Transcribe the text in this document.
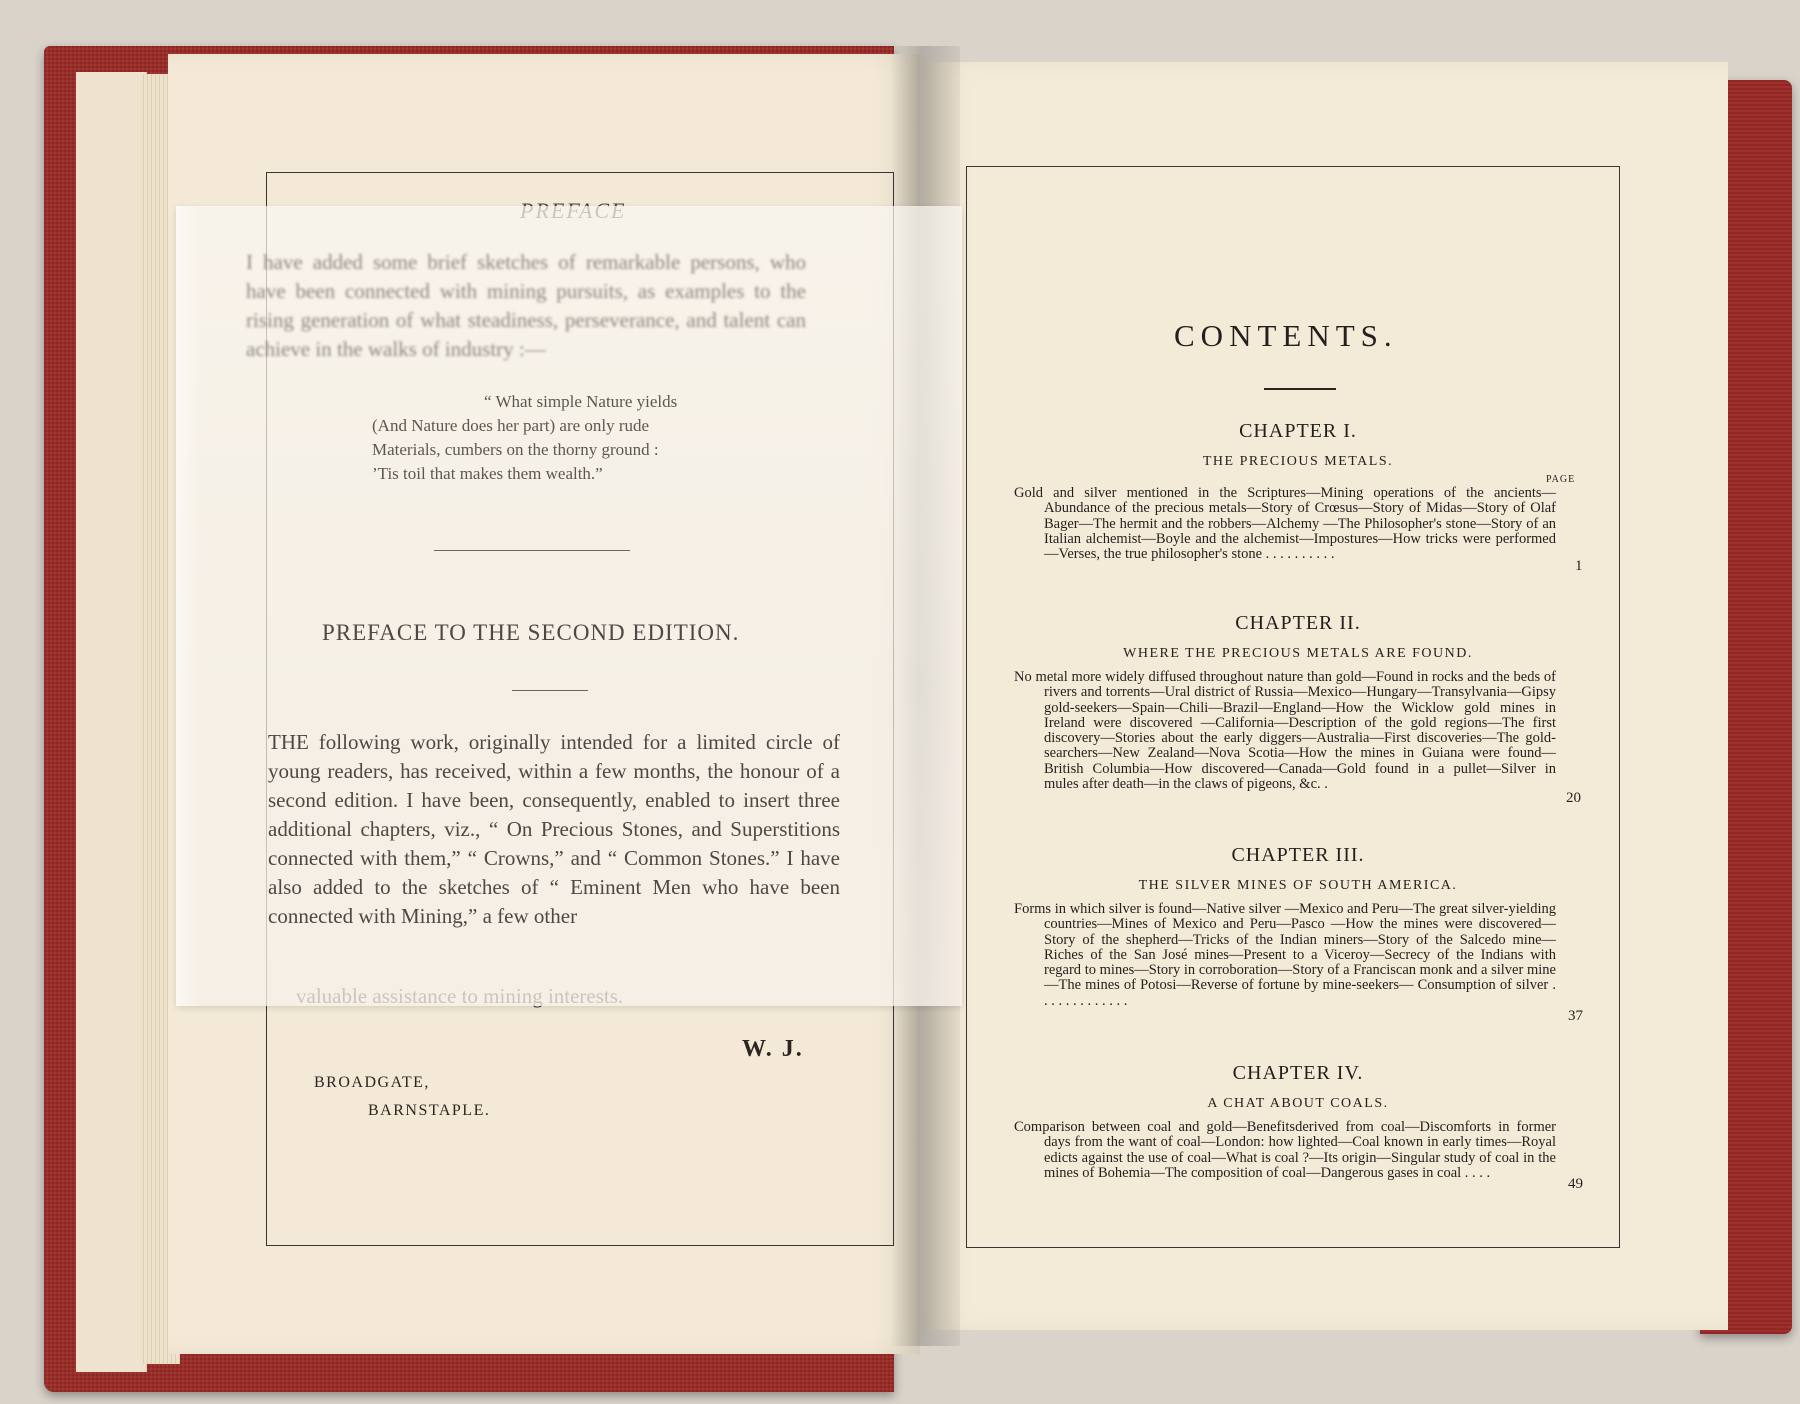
W. J.
BROADGATE,
BARNSTAPLE.
I have added some brief sketches of remarkable persons, who have been connected with mining pursuits, as examples to the rising generation of what steadiness, perseverance, and talent can achieve in the walks of industry :—
“ What simple Nature yields
(And Nature does her part) are only rude
Materials, cumbers on the thorny ground :
’Tis toil that makes them wealth.”
PREFACE TO THE SECOND EDITION.
THE following work, originally intended for a limited circle of young readers, has received, within a few months, the honour of a second edition. I have been, consequently, enabled to insert three additional chapters, viz., “ On Precious Stones, and Superstitions connected with them,” “ Crowns,” and “ Common Stones.” I have also added to the sketches of “ Eminent Men who have been connected with Mining,” a few other
CONTENTS.
PAGE
CHAPTER I.
THE PRECIOUS METALS.
Gold and silver mentioned in the Scriptures—Mining operations of the ancients—Abundance of the precious metals—Story of Crœsus—Story of Midas—Story of Olaf Bager—The hermit and the robbers—Alchemy —The Philosopher's stone—Story of an Italian alchemist—Boyle and the alchemist—Impostures—How tricks were performed—Verses, the true philosopher's stone . . . . . . . . . .
1
CHAPTER II.
WHERE THE PRECIOUS METALS ARE FOUND.
No metal more widely diffused throughout nature than gold—Found in rocks and the beds of rivers and torrents—Ural district of Russia—Mexico—Hungary—Transylvania—Gipsy gold-seekers—Spain—Chili—Brazil—England—How the Wicklow gold mines in Ireland were discovered —California—Description of the gold regions—The first discovery—Stories about the early diggers—Australia—First discoveries—The gold-searchers—New Zealand—Nova Scotia—How the mines in Guiana were found—British Columbia—How discovered—Canada—Gold found in a pullet—Silver in mules after death—in the claws of pigeons, &c. .
20
CHAPTER III.
THE SILVER MINES OF SOUTH AMERICA.
Forms in which silver is found—Native silver —Mexico and Peru—The great silver-yielding countries—Mines of Mexico and Peru—Pasco —How the mines were discovered—Story of the shepherd—Tricks of the Indian miners—Story of the Salcedo mine—Riches of the San José mines—Present to a Viceroy—Secrecy of the Indians with regard to mines—Story in corroboration—Story of a Franciscan monk and a silver mine—The mines of Potosi—Reverse of fortune by mine-seekers— Consumption of silver . . . . . . . . . . . . .
37
CHAPTER IV.
A CHAT ABOUT COALS.
Comparison between coal and gold—Benefitsderived from coal—Discomforts in former days from the want of coal—London: how lighted—Coal known in early times—Royal edicts against the use of coal—What is coal ?—Its origin—Singular study of coal in the mines of Bohemia—The composition of coal—Dangerous gases in coal . . . .
49
